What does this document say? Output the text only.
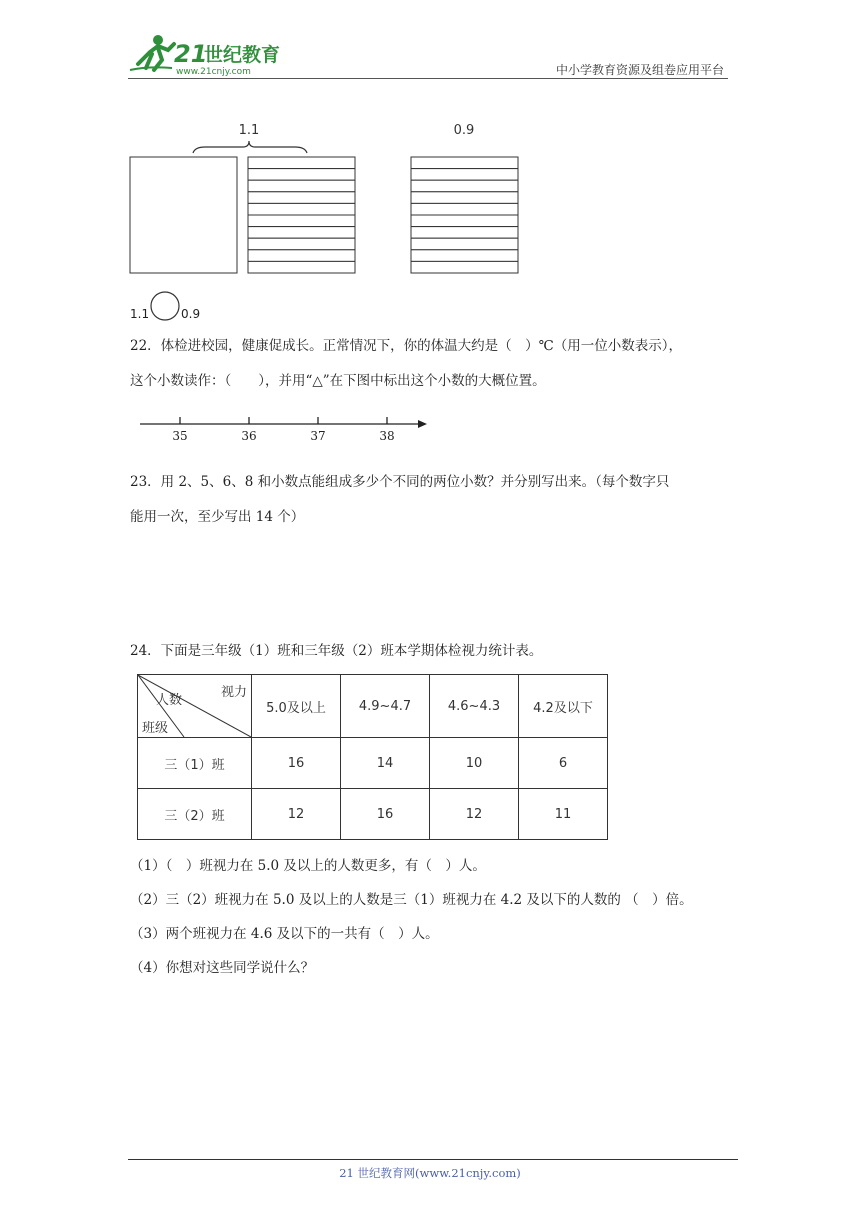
21
世纪教育
www.21cnjy.com	中小学教育资源及组卷应用平台
1.1	0.9
1.1	0.9
22．体检进校园，健康促成长。正常情况下，你的体温大约是（　）℃（用一位小数表示），
这个小数读作：（　　），并用“△”在下图中标出这个小数的大概位置。
35	36	37	38
23．用 2、5、6、8 和小数点能组成多少个不同的两位小数？并分别写出来。（每个数字只
能用一次，至少写出 14 个）
24．下面是三年级（1）班和三年级（2）班本学期体检视力统计表。
视力
人数
班级	5.0及以上	4.9~4.7	4.6~4.3	4.2及以下
三（1）班	16	14	10	6
三（2）班	12	16	12	11
（1）（　）班视力在 5.0 及以上的人数更多，有（　）人。
（2）三（2）班视力在 5.0 及以上的人数是三（1）班视力在 4.2 及以下的人数的 （　）倍。
（3）两个班视力在 4.6 及以下的一共有（　）人。
（4）你想对这些同学说什么？
21 世纪教育网(www.21cnjy.com)
